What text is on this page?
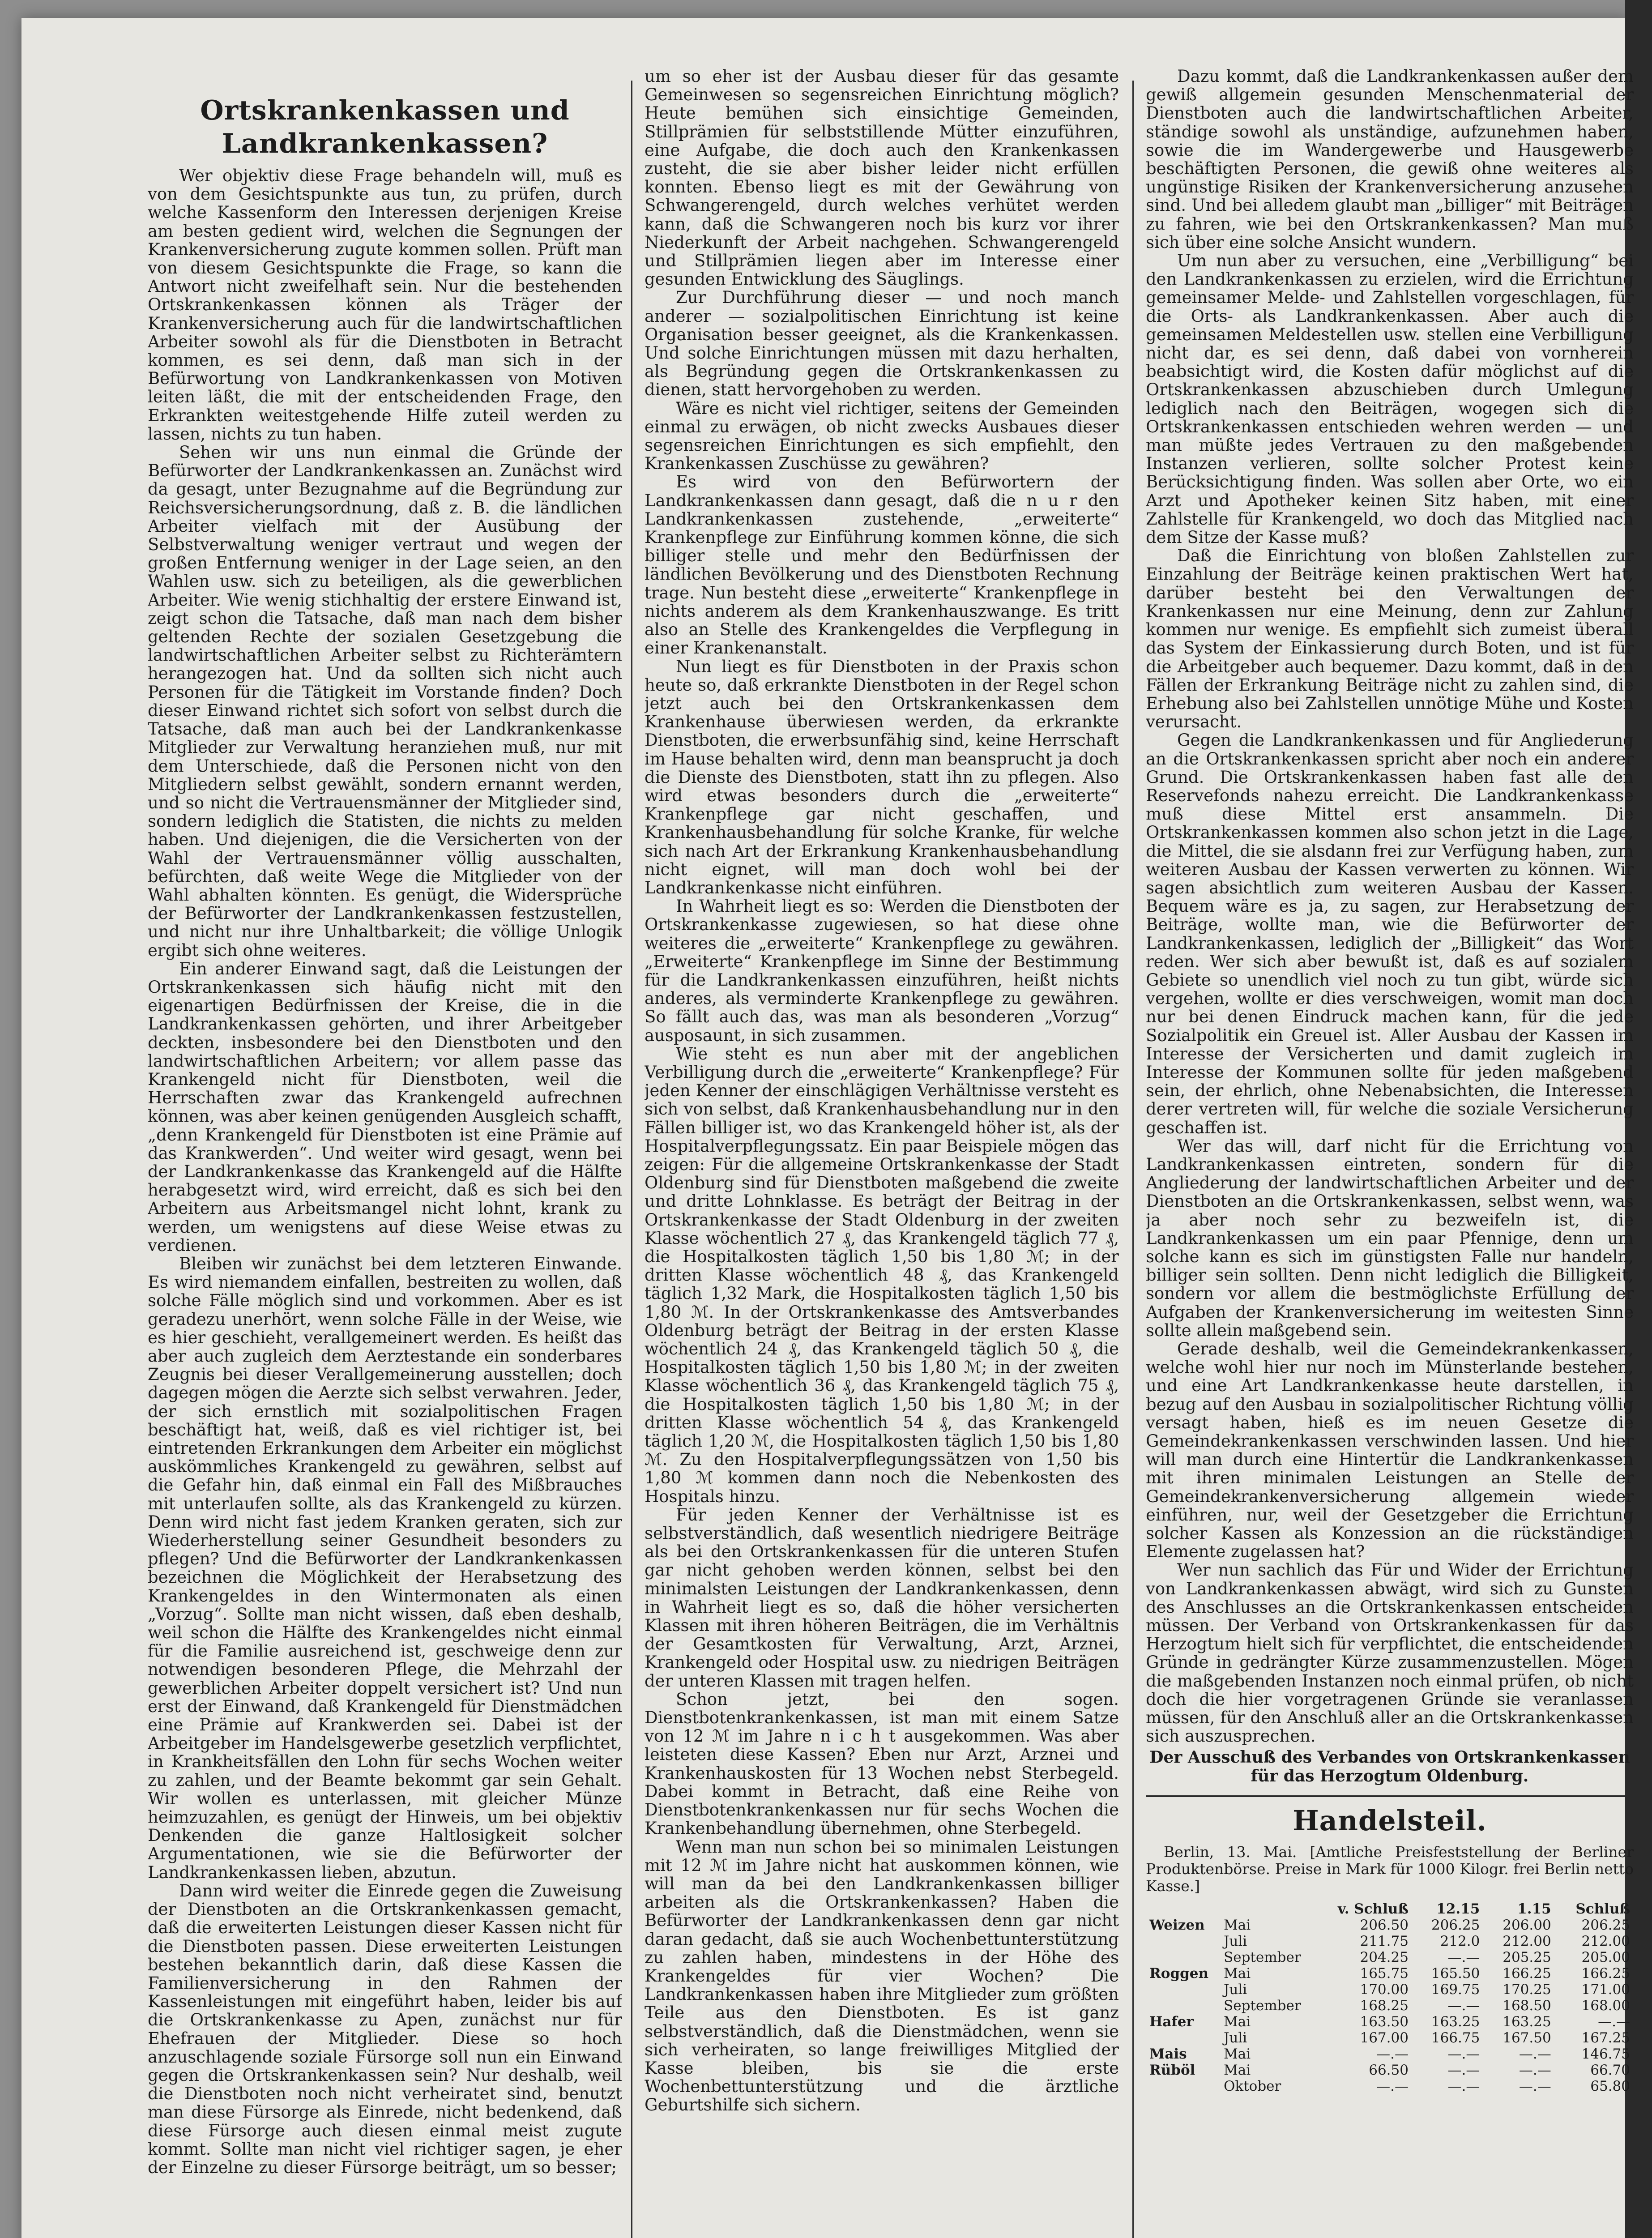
Ortskrankenkassen und Landkrankenkassen?

Wer objektiv diese Frage behandeln will, muß es von dem Gesichtspunkte aus tun, zu prüfen, durch welche Kassenform den Interessen derjenigen Kreise am besten gedient wird, welchen die Segnungen der Krankenversicherung zugute kommen sollen. Prüft man von diesem Gesichtspunkte die Frage, so kann die Antwort nicht zweifelhaft sein. Nur die bestehenden Ortskrankenkassen können als Träger der Krankenversicherung auch für die landwirtschaftlichen Arbeiter sowohl als für die Dienstboten in Betracht kommen, es sei denn, daß man sich in der Befürwortung von Landkrankenkassen von Motiven leiten läßt, die mit der entscheidenden Frage, den Erkrankten weitestgehende Hilfe zuteil werden zu lassen, nichts zu tun haben.

Sehen wir uns nun einmal die Gründe der Befürworter der Landkrankenkassen an. Zunächst wird da gesagt, unter Bezugnahme auf die Begründung zur Reichsversicherungsordnung, daß z. B. die ländlichen Arbeiter vielfach mit der Ausübung der Selbstverwaltung weniger vertraut und wegen der großen Entfernung weniger in der Lage seien, an den Wahlen usw. sich zu beteiligen, als die gewerblichen Arbeiter. Wie wenig stichhaltig der erstere Einwand ist, zeigt schon die Tatsache, daß man nach dem bisher geltenden Rechte der sozialen Gesetzgebung die landwirtschaftlichen Arbeiter selbst zu Richterämtern herangezogen hat. Und da sollten sich nicht auch Personen für die Tätigkeit im Vorstande finden? Doch dieser Einwand richtet sich sofort von selbst durch die Tatsache, daß man auch bei der Landkrankenkasse Mitglieder zur Verwaltung heranziehen muß, nur mit dem Unterschiede, daß die Personen nicht von den Mitgliedern selbst gewählt, sondern ernannt werden, und so nicht die Vertrauensmänner der Mitglieder sind, sondern lediglich die Statisten, die nichts zu melden haben. Und diejenigen, die die Versicherten von der Wahl der Vertrauensmänner völlig ausschalten, befürchten, daß weite Wege die Mitglieder von der Wahl abhalten könnten. Es genügt, die Widersprüche der Befürworter der Landkrankenkassen festzustellen, und nicht nur ihre Unhaltbarkeit; die völlige Unlogik ergibt sich ohne weiteres.

Ein anderer Einwand sagt, daß die Leistungen der Ortskrankenkassen sich häufig nicht mit den eigenartigen Bedürfnissen der Kreise, die in die Landkrankenkassen gehörten, und ihrer Arbeitgeber deckten, insbesondere bei den Dienstboten und den landwirtschaftlichen Arbeitern; vor allem passe das Krankengeld nicht für Dienstboten, weil die Herrschaften zwar das Krankengeld aufrechnen können, was aber keinen genügenden Ausgleich schafft, „denn Krankengeld für Dienstboten ist eine Prämie auf das Krankwerden“. Und weiter wird gesagt, wenn bei der Landkrankenkasse das Krankengeld auf die Hälfte herabgesetzt wird, wird erreicht, daß es sich bei den Arbeitern aus Arbeitsmangel nicht lohnt, krank zu werden, um wenigstens auf diese Weise etwas zu verdienen.

Bleiben wir zunächst bei dem letzteren Einwande. Es wird niemandem einfallen, bestreiten zu wollen, daß solche Fälle möglich sind und vorkommen. Aber es ist geradezu unerhört, wenn solche Fälle in der Weise, wie es hier geschieht, verallgemeinert werden. Es heißt das aber auch zugleich dem Aerztestande ein sonderbares Zeugnis bei dieser Verallgemeinerung ausstellen; doch dagegen mögen die Aerzte sich selbst verwahren. Jeder, der sich ernstlich mit sozialpolitischen Fragen beschäftigt hat, weiß, daß es viel richtiger ist, bei eintretenden Erkrankungen dem Arbeiter ein möglichst auskömmliches Krankengeld zu gewähren, selbst auf die Gefahr hin, daß einmal ein Fall des Mißbrauches mit unterlaufen sollte, als das Krankengeld zu kürzen. Denn wird nicht fast jedem Kranken geraten, sich zur Wiederherstellung seiner Gesundheit besonders zu pflegen? Und die Befürworter der Landkrankenkassen bezeichnen die Möglichkeit der Herabsetzung des Krankengeldes in den Wintermonaten als einen „Vorzug“. Sollte man nicht wissen, daß eben deshalb, weil schon die Hälfte des Krankengeldes nicht einmal für die Familie ausreichend ist, geschweige denn zur notwendigen besonderen Pflege, die Mehrzahl der gewerblichen Arbeiter doppelt versichert ist? Und nun erst der Einwand, daß Krankengeld für Dienstmädchen eine Prämie auf Krankwerden sei. Dabei ist der Arbeitgeber im Handelsgewerbe gesetzlich verpflichtet, in Krankheitsfällen den Lohn für sechs Wochen weiter zu zahlen, und der Beamte bekommt gar sein Gehalt. Wir wollen es unterlassen, mit gleicher Münze heimzuzahlen, es genügt der Hinweis, um bei objektiv Denkenden die ganze Haltlosigkeit solcher Argumentationen, wie sie die Befürworter der Landkrankenkassen lieben, abzutun.

Dann wird weiter die Einrede gegen die Zuweisung der Dienstboten an die Ortskrankenkassen gemacht, daß die erweiterten Leistungen dieser Kassen nicht für die Dienstboten passen. Diese erweiterten Leistungen bestehen bekanntlich darin, daß diese Kassen die Familienversicherung in den Rahmen der Kassenleistungen mit eingeführt haben, leider bis auf die Ortskrankenkasse zu Apen, zunächst nur für Ehefrauen der Mitglieder. Diese so hoch anzuschlagende soziale Fürsorge soll nun ein Einwand gegen die Ortskrankenkassen sein? Nur deshalb, weil die Dienstboten noch nicht verheiratet sind, benutzt man diese Fürsorge als Einrede, nicht bedenkend, daß diese Fürsorge auch diesen einmal meist zugute kommt. Sollte man nicht viel richtiger sagen, je eher der Einzelne zu dieser Fürsorge beiträgt, um so besser;

um so eher ist der Ausbau dieser für das gesamte Gemeinwesen so segensreichen Einrichtung möglich? Heute bemühen sich einsichtige Gemeinden, Stillprämien für selbststillende Mütter einzuführen, eine Aufgabe, die doch auch den Krankenkassen zusteht, die sie aber bisher leider nicht erfüllen konnten. Ebenso liegt es mit der Gewährung von Schwangerengeld, durch welches verhütet werden kann, daß die Schwangeren noch bis kurz vor ihrer Niederkunft der Arbeit nachgehen. Schwangerengeld und Stillprämien liegen aber im Interesse einer gesunden Entwicklung des Säuglings.

Zur Durchführung dieser — und noch manch anderer — sozialpolitischen Einrichtung ist keine Organisation besser geeignet, als die Krankenkassen. Und solche Einrichtungen müssen mit dazu herhalten, als Begründung gegen die Ortskrankenkassen zu dienen, statt hervorgehoben zu werden.

Wäre es nicht viel richtiger, seitens der Gemeinden einmal zu erwägen, ob nicht zwecks Ausbaues dieser segensreichen Einrichtungen es sich empfiehlt, den Krankenkassen Zuschüsse zu gewähren?

Es wird von den Befürwortern der Landkrankenkassen dann gesagt, daß die n u r den Landkrankenkassen zustehende, „erweiterte“ Krankenpflege zur Einführung kommen könne, die sich billiger stelle und mehr den Bedürfnissen der ländlichen Bevölkerung und des Dienstboten Rechnung trage. Nun besteht diese „erweiterte“ Krankenpflege in nichts anderem als dem Krankenhauszwange. Es tritt also an Stelle des Krankengeldes die Verpflegung in einer Krankenanstalt.

Nun liegt es für Dienstboten in der Praxis schon heute so, daß erkrankte Dienstboten in der Regel schon jetzt auch bei den Ortskrankenkassen dem Krankenhause überwiesen werden, da erkrankte Dienstboten, die erwerbsunfähig sind, keine Herrschaft im Hause behalten wird, denn man beansprucht ja doch die Dienste des Dienstboten, statt ihn zu pflegen. Also wird etwas besonders durch die „erweiterte“ Krankenpflege gar nicht geschaffen, und Krankenhausbehandlung für solche Kranke, für welche sich nach Art der Erkrankung Krankenhausbehandlung nicht eignet, will man doch wohl bei der Landkrankenkasse nicht einführen.

In Wahrheit liegt es so: Werden die Dienstboten der Ortskrankenkasse zugewiesen, so hat diese ohne weiteres die „erweiterte“ Krankenpflege zu gewähren. „Erweiterte“ Krankenpflege im Sinne der Bestimmung für die Landkrankenkassen einzuführen, heißt nichts anderes, als verminderte Krankenpflege zu gewähren. So fällt auch das, was man als besonderen „Vorzug“ ausposaunt, in sich zusammen.

Wie steht es nun aber mit der angeblichen Verbilligung durch die „erweiterte“ Krankenpflege? Für jeden Kenner der einschlägigen Verhältnisse versteht es sich von selbst, daß Krankenhausbehandlung nur in den Fällen billiger ist, wo das Krankengeld höher ist, als der Hospitalverpflegungssatz. Ein paar Beispiele mögen das zeigen: Für die allgemeine Ortskrankenkasse der Stadt Oldenburg sind für Dienstboten maßgebend die zweite und dritte Lohnklasse. Es beträgt der Beitrag in der Ortskrankenkasse der Stadt Oldenburg in der zweiten Klasse wöchentlich 27 ₰, das Krankengeld täglich 77 ₰, die Hospitalkosten täglich 1,50 bis 1,80 ℳ; in der dritten Klasse wöchentlich 48 ₰, das Krankengeld täglich 1,32 Mark, die Hospitalkosten täglich 1,50 bis 1,80 ℳ. In der Ortskrankenkasse des Amtsverbandes Oldenburg beträgt der Beitrag in der ersten Klasse wöchentlich 24 ₰, das Krankengeld täglich 50 ₰, die Hospitalkosten täglich 1,50 bis 1,80 ℳ; in der zweiten Klasse wöchentlich 36 ₰, das Krankengeld täglich 75 ₰, die Hospitalkosten täglich 1,50 bis 1,80 ℳ; in der dritten Klasse wöchentlich 54 ₰, das Krankengeld täglich 1,20 ℳ, die Hospitalkosten täglich 1,50 bis 1,80 ℳ. Zu den Hospitalverpflegungssätzen von 1,50 bis 1,80 ℳ kommen dann noch die Nebenkosten des Hospitals hinzu.

Für jeden Kenner der Verhältnisse ist es selbstverständlich, daß wesentlich niedrigere Beiträge als bei den Ortskrankenkassen für die unteren Stufen gar nicht gehoben werden können, selbst bei den minimalsten Leistungen der Landkrankenkassen, denn in Wahrheit liegt es so, daß die höher versicherten Klassen mit ihren höheren Beiträgen, die im Verhältnis der Gesamtkosten für Verwaltung, Arzt, Arznei, Krankengeld oder Hospital usw. zu niedrigen Beiträgen der unteren Klassen mit tragen helfen.

Schon jetzt, bei den sogen. Dienstbotenkrankenkassen, ist man mit einem Satze von 12 ℳ im Jahre n i c h t ausgekommen. Was aber leisteten diese Kassen? Eben nur Arzt, Arznei und Krankenhauskosten für 13 Wochen nebst Sterbegeld. Dabei kommt in Betracht, daß eine Reihe von Dienstbotenkrankenkassen nur für sechs Wochen die Krankenbehandlung übernehmen, ohne Sterbegeld.

Wenn man nun schon bei so minimalen Leistungen mit 12 ℳ im Jahre nicht hat auskommen können, wie will man da bei den Landkrankenkassen billiger arbeiten als die Ortskrankenkassen? Haben die Befürworter der Landkrankenkassen denn gar nicht daran gedacht, daß sie auch Wochenbettunterstützung zu zahlen haben, mindestens in der Höhe des Krankengeldes für vier Wochen? Die Landkrankenkassen haben ihre Mitglieder zum größten Teile aus den Dienstboten. Es ist ganz selbstverständlich, daß die Dienstmädchen, wenn sie sich verheiraten, so lange freiwilliges Mitglied der Kasse bleiben, bis sie die erste Wochenbettunterstützung und die ärztliche Geburtshilfe sich sichern.

Dazu kommt, daß die Landkrankenkassen außer dem gewiß allgemein gesunden Menschenmaterial der Dienstboten auch die landwirtschaftlichen Arbeiter, ständige sowohl als unständige, aufzunehmen haben, sowie die im Wandergewerbe und Hausgewerbe beschäftigten Personen, die gewiß ohne weiteres als ungünstige Risiken der Krankenversicherung anzusehen sind. Und bei alledem glaubt man „billiger“ mit Beiträgen zu fahren, wie bei den Ortskrankenkassen? Man muß sich über eine solche Ansicht wundern.

Um nun aber zu versuchen, eine „Verbilligung“ bei den Landkrankenkassen zu erzielen, wird die Errichtung gemeinsamer Melde- und Zahlstellen vorgeschlagen, für die Orts- als Landkrankenkassen. Aber auch die gemeinsamen Meldestellen usw. stellen eine Verbilligung nicht dar, es sei denn, daß dabei von vornherein beabsichtigt wird, die Kosten dafür möglichst auf die Ortskrankenkassen abzuschieben durch Umlegung lediglich nach den Beiträgen, wogegen sich die Ortskrankenkassen entschieden wehren werden — und man müßte jedes Vertrauen zu den maßgebenden Instanzen verlieren, sollte solcher Protest keine Berücksichtigung finden. Was sollen aber Orte, wo ein Arzt und Apotheker keinen Sitz haben, mit einer Zahlstelle für Krankengeld, wo doch das Mitglied nach dem Sitze der Kasse muß?

Daß die Einrichtung von bloßen Zahlstellen zur Einzahlung der Beiträge keinen praktischen Wert hat, darüber besteht bei den Verwaltungen der Krankenkassen nur eine Meinung, denn zur Zahlung kommen nur wenige. Es empfiehlt sich zumeist überall das System der Einkassierung durch Boten, und ist für die Arbeitgeber auch bequemer. Dazu kommt, daß in den Fällen der Erkrankung Beiträge nicht zu zahlen sind, die Erhebung also bei Zahlstellen unnötige Mühe und Kosten verursacht.

Gegen die Landkrankenkassen und für Angliederung an die Ortskrankenkassen spricht aber noch ein anderer Grund. Die Ortskrankenkassen haben fast alle den Reservefonds nahezu erreicht. Die Landkrankenkasse muß diese Mittel erst ansammeln. Die Ortskrankenkassen kommen also schon jetzt in die Lage, die Mittel, die sie alsdann frei zur Verfügung haben, zum weiteren Ausbau der Kassen verwerten zu können. Wir sagen absichtlich zum weiteren Ausbau der Kassen. Bequem wäre es ja, zu sagen, zur Herabsetzung der Beiträge, wollte man, wie die Befürworter der Landkrankenkassen, lediglich der „Billigkeit“ das Wort reden. Wer sich aber bewußt ist, daß es auf sozialem Gebiete so unendlich viel noch zu tun gibt, würde sich vergehen, wollte er dies verschweigen, womit man doch nur bei denen Eindruck machen kann, für die jede Sozialpolitik ein Greuel ist. Aller Ausbau der Kassen im Interesse der Versicherten und damit zugleich im Interesse der Kommunen sollte für jeden maßgebend sein, der ehrlich, ohne Nebenabsichten, die Interessen derer vertreten will, für welche die soziale Versicherung geschaffen ist.

Wer das will, darf nicht für die Errichtung von Landkrankenkassen eintreten, sondern für die Angliederung der landwirtschaftlichen Arbeiter und der Dienstboten an die Ortskrankenkassen, selbst wenn, was ja aber noch sehr zu bezweifeln ist, die Landkrankenkassen um ein paar Pfennige, denn um solche kann es sich im günstigsten Falle nur handeln, billiger sein sollten. Denn nicht lediglich die Billigkeit, sondern vor allem die bestmöglichste Erfüllung der Aufgaben der Krankenversicherung im weitesten Sinne sollte allein maßgebend sein.

Gerade deshalb, weil die Gemeindekrankenkassen, welche wohl hier nur noch im Münsterlande bestehen, und eine Art Landkrankenkasse heute darstellen, in bezug auf den Ausbau in sozialpolitischer Richtung völlig versagt haben, hieß es im neuen Gesetze die Gemeindekrankenkassen verschwinden lassen. Und hier will man durch eine Hintertür die Landkrankenkassen mit ihren minimalen Leistungen an Stelle der Gemeindekrankenversicherung allgemein wieder einführen, nur, weil der Gesetzgeber die Errichtung solcher Kassen als Konzession an die rückständigen Elemente zugelassen hat?

Wer nun sachlich das Für und Wider der Errichtung von Landkrankenkassen abwägt, wird sich zu Gunsten des Anschlusses an die Ortskrankenkassen entscheiden müssen. Der Verband von Ortskrankenkassen für das Herzogtum hielt sich für verpflichtet, die entscheidenden Gründe in gedrängter Kürze zusammenzustellen. Mögen die maßgebenden Instanzen noch einmal prüfen, ob nicht doch die hier vorgetragenen Gründe sie veranlassen müssen, für den Anschluß aller an die Ortskrankenkassen sich auszusprechen.

Der Ausschuß des Verbandes von Ortskrankenkassen
für das Herzogtum Oldenburg.
Handelsteil.

Berlin, 13. Mai. [Amtliche Preisfeststellung der Berliner Produktenbörse. Preise in Mark für 1000 Kilogr. frei Berlin netto Kasse.]

		v. Schluß	12.15	1.15	Schluß
Weizen	Mai	206.50	206.25	206.00	206.25
	Juli	211.75	212.0	212.00	212.00
	September	204.25	—.—	205.25	205.00
Roggen	Mai	165.75	165.50	166.25	166.25
	Juli	170.00	169.75	170.25	171.00
	September	168.25	—.—	168.50	168.00
Hafer	Mai	163.50	163.25	163.25	—.—
	Juli	167.00	166.75	167.50	167.25
Mais	Mai	—.—	—.—	—.—	146.75
Rüböl	Mai	66.50	—.—	—.—	66.70
	Oktober	—.—	—.—	—.—	65.80
